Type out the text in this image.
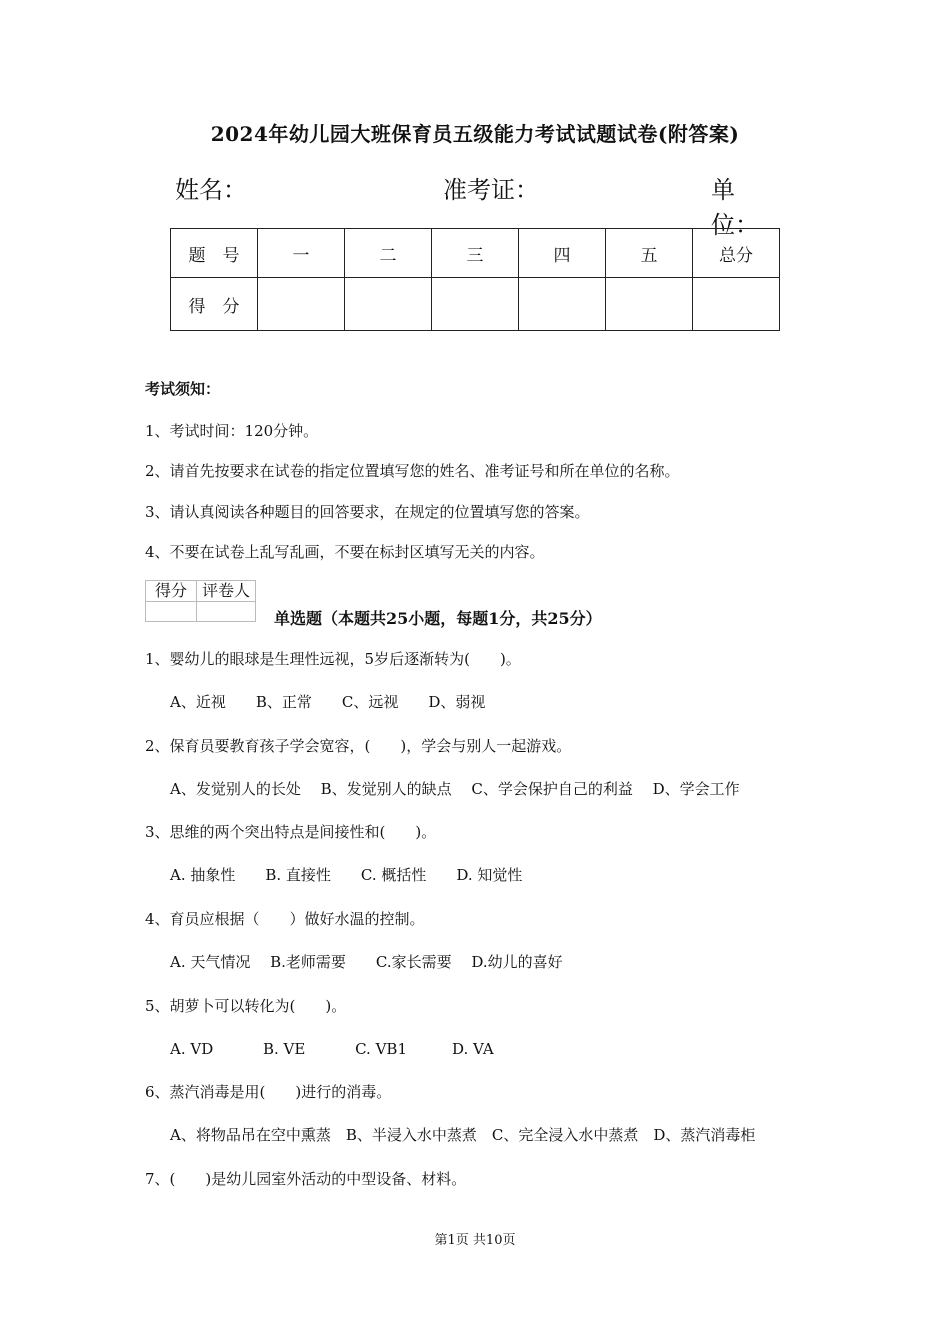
2024年幼儿园大班保育员五级能力考试试题试卷(附答案)
姓名：	准考证：	单位：
题　号	一	二	三	四	五	总分
得　分						
考试须知：
1、考试时间：120分钟。
2、请首先按要求在试卷的指定位置填写您的姓名、准考证号和所在单位的名称。
3、请认真阅读各种题目的回答要求，在规定的位置填写您的答案。
4、不要在试卷上乱写乱画，不要在标封区填写无关的内容。
得分	评卷人

单选题（本题共25小题，每题1分，共25分）
1、婴幼儿的眼球是生理性远视，5岁后逐渐转为(　　)。
A、近视　　B、正常　　C、远视　　D、弱视
2、保育员要教育孩子学会宽容，(　　)，学会与别人一起游戏。
A、发觉别人的长处　 B、发觉别人的缺点　 C、学会保护自己的利益　 D、学会工作
3、思维的两个突出特点是间接性和(　　)。
A. 抽象性　　B. 直接性　　C. 概括性　　D. 知觉性
4、育员应根据（　　）做好水温的控制。
A. 天气情况　 B.老师需要　　C.家长需要　 D.幼儿的喜好
5、胡萝卜可以转化为(　　)。
A. VD　　　 B. VE　　　 C. VB1　　　D. VA
6、蒸汽消毒是用(　　)进行的消毒。
A、将物品吊在空中熏蒸　B、半浸入水中蒸煮　C、完全浸入水中蒸煮　D、蒸汽消毒柜
7、(　　)是幼儿园室外活动的中型设备、材料。
第1页 共10页
